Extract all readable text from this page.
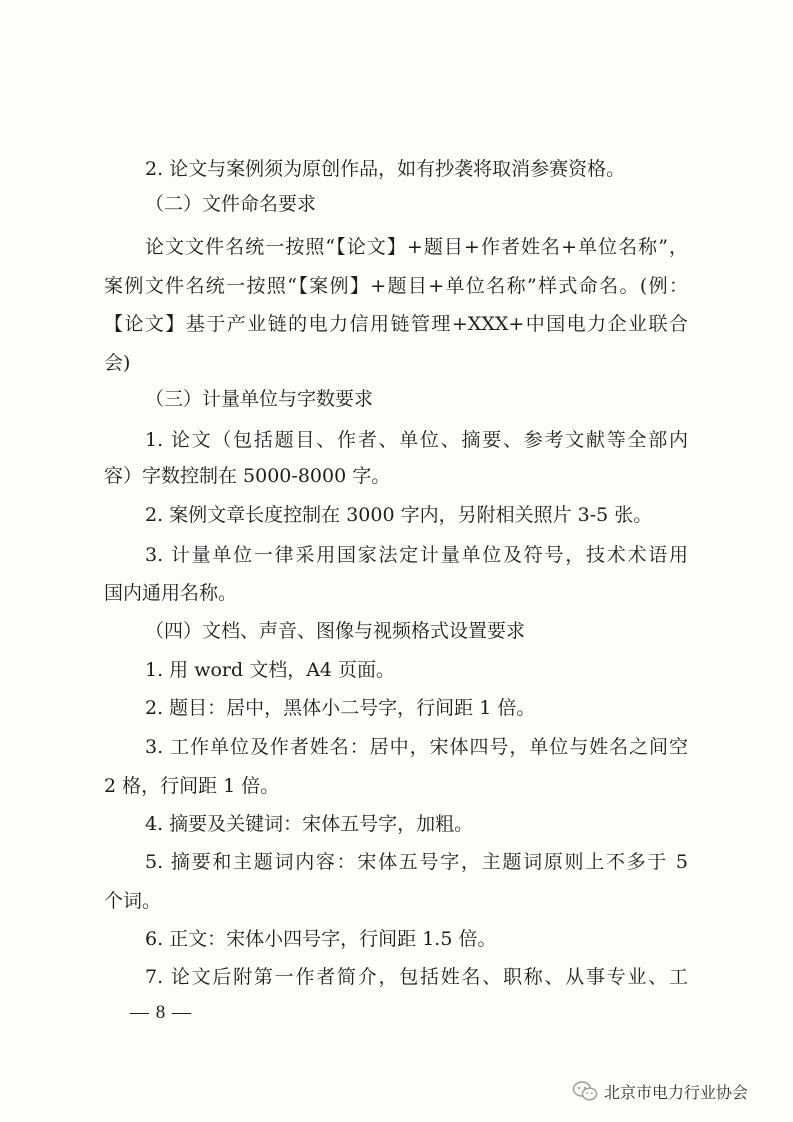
2. 论文与案例须为原创作品，如有抄袭将取消参赛资格。
（二）文件命名要求
论文文件名统一按照“【论文】+题目+作者姓名+单位名称”，
案例文件名统一按照“【案例】+题目+单位名称”样式命名。(例：
【论文】基于产业链的电力信用链管理+XXX+中国电力企业联合
会)
（三）计量单位与字数要求
1. 论文（包括题目、作者、单位、摘要、参考文献等全部内
容）字数控制在 5000-8000 字。
2. 案例文章长度控制在 3000 字内，另附相关照片 3-5 张。
3. 计量单位一律采用国家法定计量单位及符号，技术术语用
国内通用名称。
（四）文档、声音、图像与视频格式设置要求
1. 用 word 文档，A4 页面。
2. 题目：居中，黑体小二号字，行间距 1 倍。
3. 工作单位及作者姓名：居中，宋体四号，单位与姓名之间空
2 格，行间距 1 倍。
4. 摘要及关键词：宋体五号字，加粗。
5. 摘要和主题词内容：宋体五号字，主题词原则上不多于 5
个词。
6. 正文：宋体小四号字，行间距 1.5 倍。
7. 论文后附第一作者简介，包括姓名、职称、从事专业、工
— 8 —
北京市电力行业协会
